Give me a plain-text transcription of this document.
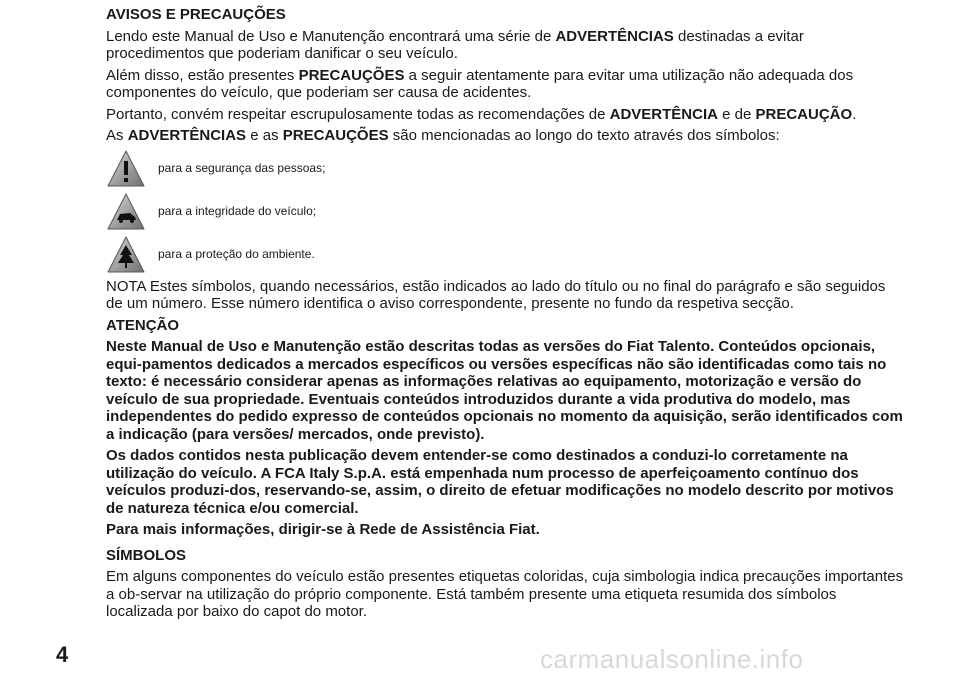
AVISOS E PRECAUÇÕES

Lendo este Manual de Uso e Manutenção encontrará uma série de ADVERTÊNCIAS destinadas a evitar procedimentos que poderiam danificar o seu veículo.

Além disso, estão presentes PRECAUÇÕES a seguir atentamente para evitar uma utilização não adequada dos componentes do veículo, que poderiam ser causa de acidentes.

Portanto, convém respeitar escrupulosamente todas as recomendações de ADVERTÊNCIA e de PRECAUÇÃO.

As ADVERTÊNCIAS e as PRECAUÇÕES são mencionadas ao longo do texto através dos símbolos:

para a segurança das pessoas;
para a integridade do veículo;
para a proteção do ambiente.

NOTA Estes símbolos, quando necessários, estão indicados ao lado do título ou no final do parágrafo e são seguidos de um número. Esse número identifica o aviso correspondente, presente no fundo da respetiva secção.

ATENÇÃO

Neste Manual de Uso e Manutenção estão descritas todas as versões do Fiat Talento. Conteúdos opcionais, equi-pamentos dedicados a mercados específicos ou versões específicas não são identificadas como tais no texto: é necessário considerar apenas as informações relativas ao equipamento, motorização e versão do veículo de sua propriedade. Eventuais conteúdos introduzidos durante a vida produtiva do modelo, mas independentes do pedido expresso de conteúdos opcionais no momento da aquisição, serão identificados com a indicação (para versões/ mercados, onde previsto).

Os dados contidos nesta publicação devem entender-se como destinados a conduzi-lo corretamente na utilização do veículo. A FCA Italy S.p.A. está empenhada num processo de aperfeiçoamento contínuo dos veículos produzi-dos, reservando-se, assim, o direito de efetuar modificações no modelo descrito por motivos de natureza técnica e/ou comercial.

Para mais informações, dirigir-se à Rede de Assistência Fiat.

SÍMBOLOS

Em alguns componentes do veículo estão presentes etiquetas coloridas, cuja simbologia indica precauções importantes a ob-servar na utilização do próprio componente. Está também presente uma etiqueta resumida dos símbolos localizada por baixo do capot do motor.

4	carmanualsonline.info
